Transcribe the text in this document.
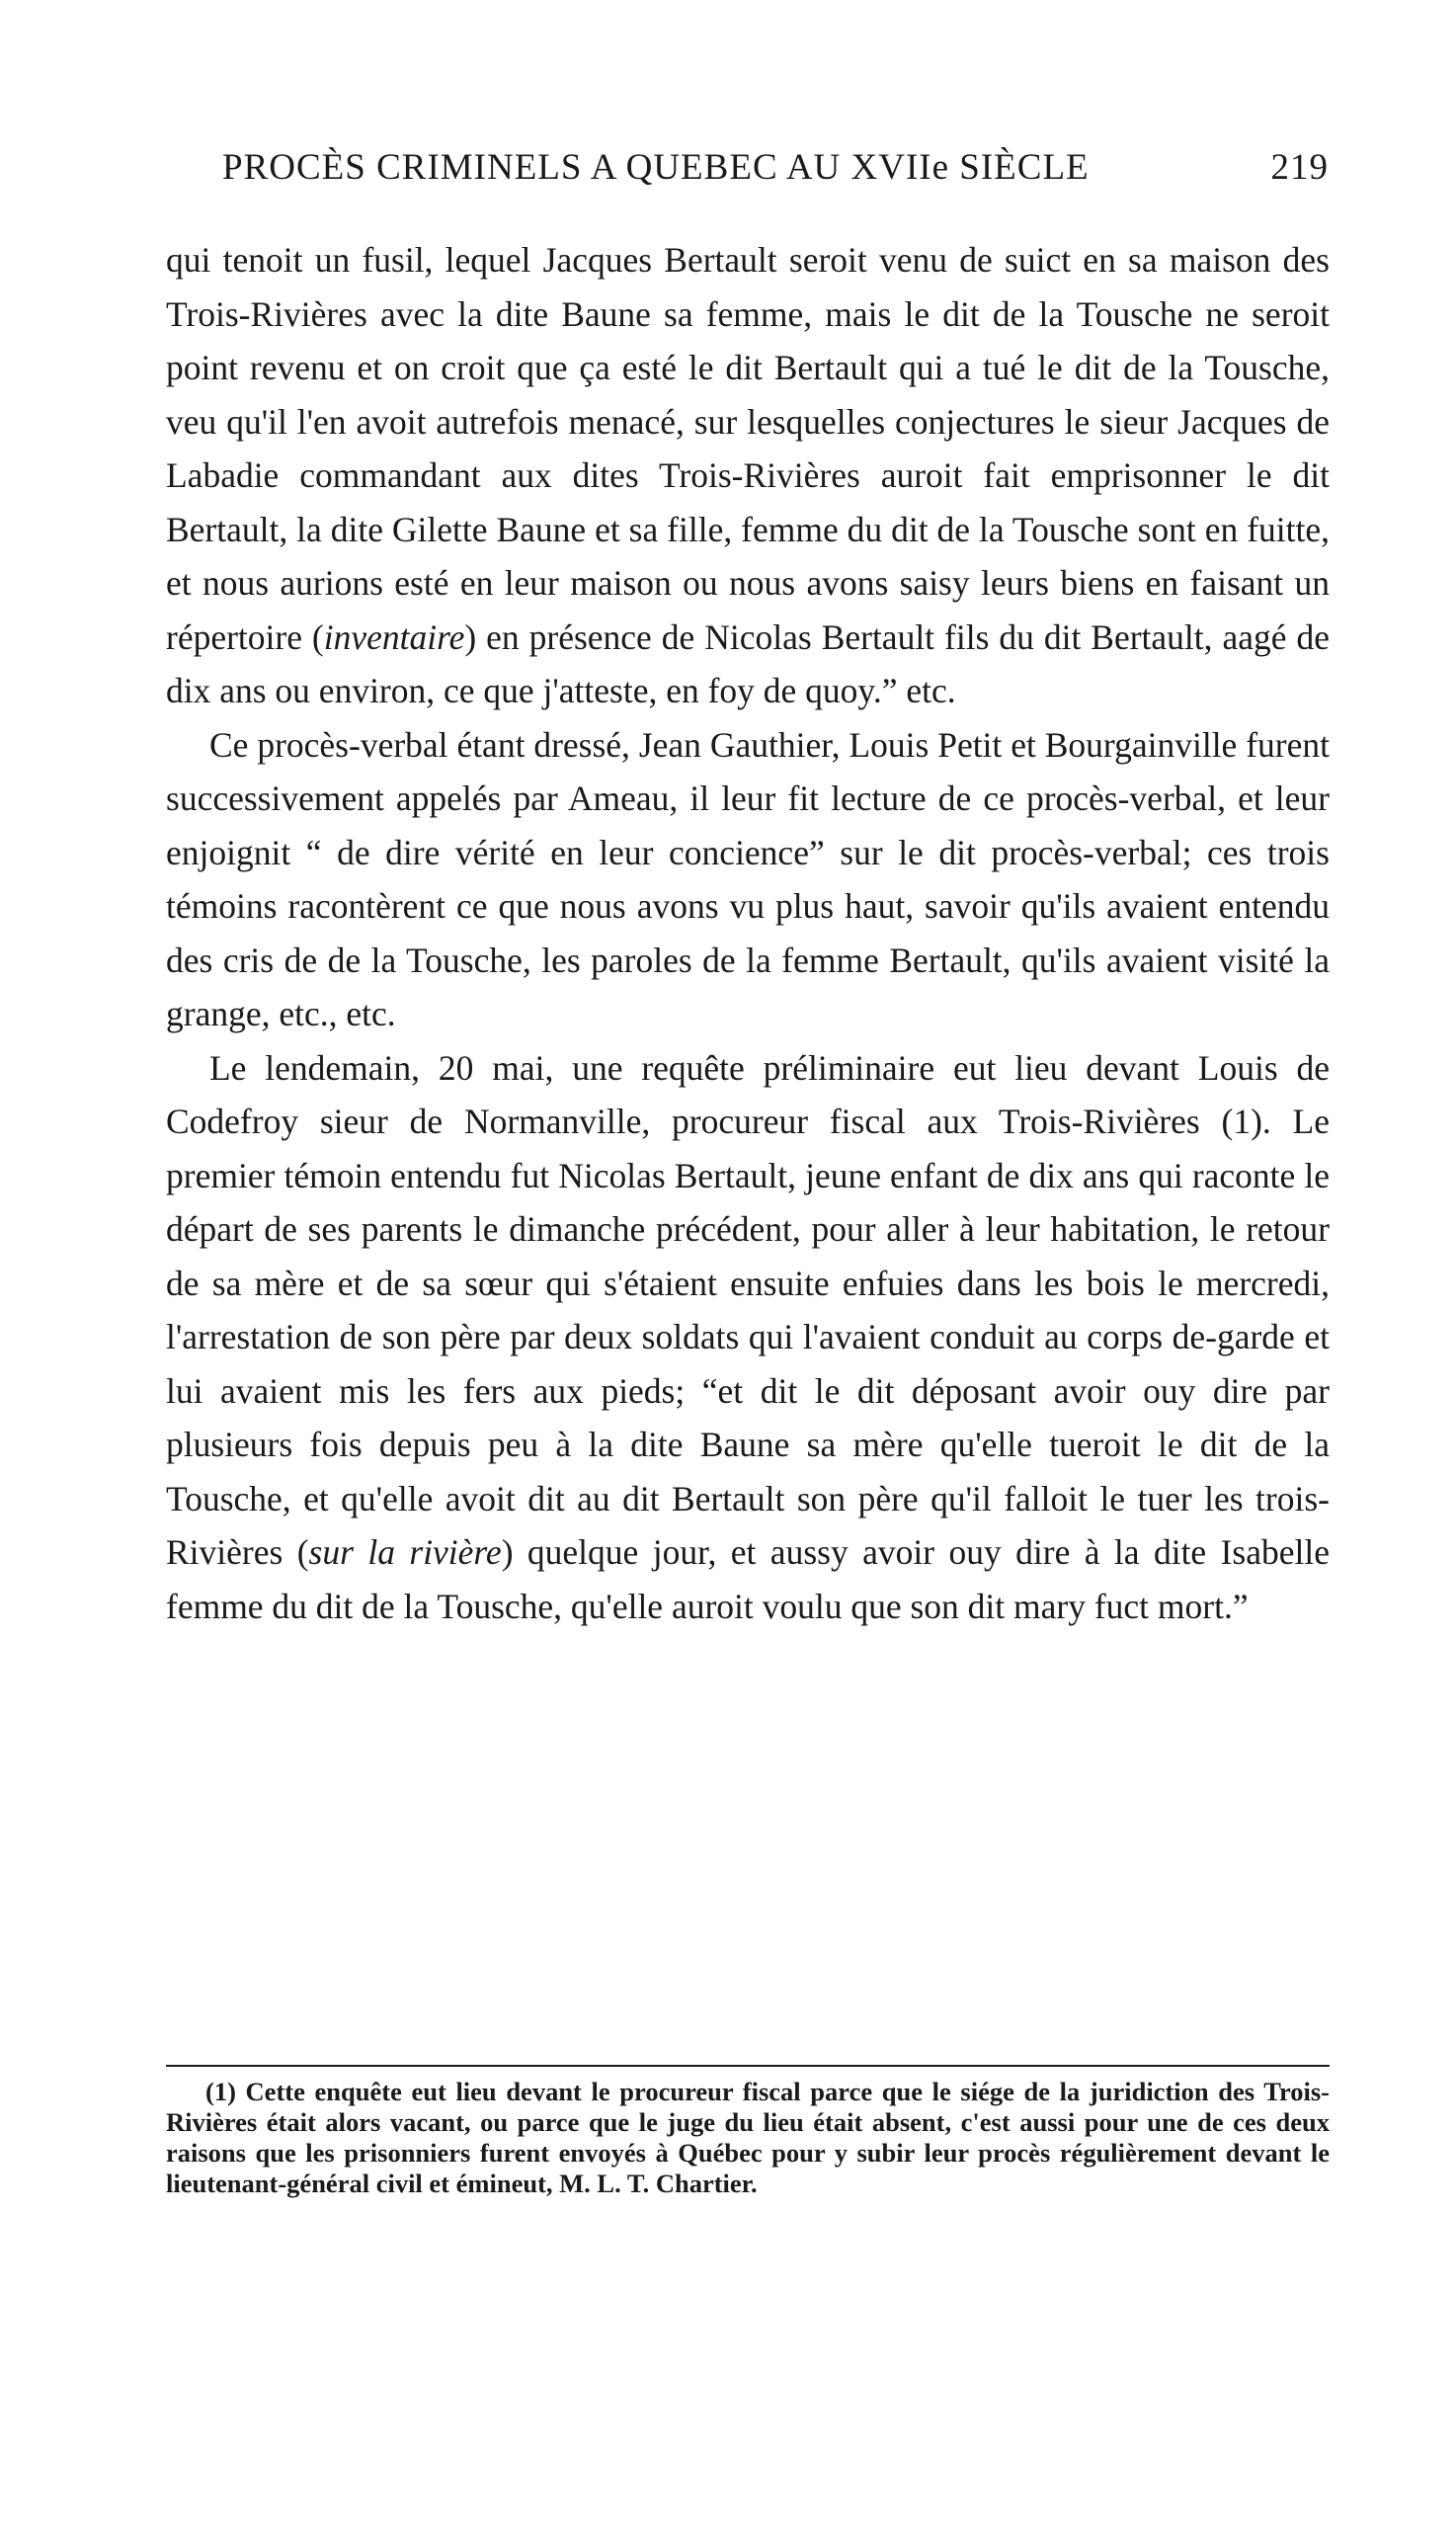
PROCÈS CRIMINELS A QUEBEC AU XVIIe SIÈCLE	219

qui tenoit un fusil, lequel Jacques Bertault seroit venu de suict en sa maison des Trois-Rivières avec la dite Baune sa femme, mais le dit de la Tousche ne seroit point revenu et on croit que ça esté le dit Bertault qui a tué le dit de la Tousche, veu qu'il l'en avoit autrefois menacé, sur lesquelles conjectures le sieur Jacques de Labadie commandant aux dites Trois-Rivières auroit fait emprisonner le dit Bertault, la dite Gilette Baune et sa fille, femme du dit de la Tousche sont en fuitte, et nous aurions esté en leur maison ou nous avons saisy leurs biens en faisant un répertoire (inventaire) en présence de Nicolas Bertault fils du dit Bertault, aagé de dix ans ou environ, ce que j'atteste, en foy de quoy.” etc.

Ce procès-verbal étant dressé, Jean Gauthier, Louis Petit et Bourgainville furent successivement appelés par Ameau, il leur fit lecture de ce procès-verbal, et leur enjoignit “ de dire vérité en leur concience” sur le dit procès-verbal; ces trois témoins racontèrent ce que nous avons vu plus haut, savoir qu'ils avaient entendu des cris de de la Tousche, les paroles de la femme Bertault, qu'ils avaient visité la grange, etc., etc.

Le lendemain, 20 mai, une requête préliminaire eut lieu devant Louis de Codefroy sieur de Normanville, procureur fiscal aux Trois-Rivières (1). Le premier témoin entendu fut Nicolas Bertault, jeune enfant de dix ans qui raconte le départ de ses parents le dimanche précédent, pour aller à leur habitation, le retour de sa mère et de sa sœur qui s'étaient ensuite enfuies dans les bois le mercredi, l'arrestation de son père par deux soldats qui l'avaient conduit au corps de-garde et lui avaient mis les fers aux pieds; “et dit le dit déposant avoir ouy dire par plusieurs fois depuis peu à la dite Baune sa mère qu'elle tueroit le dit de la Tousche, et qu'elle avoit dit au dit Bertault son père qu'il falloit le tuer les trois-Rivières (sur la rivière) quelque jour, et aussy avoir ouy dire à la dite Isabelle femme du dit de la Tousche, qu'elle auroit voulu que son dit mary fuct mort.”

(1) Cette enquête eut lieu devant le procureur fiscal parce que le siége de la juridiction des Trois-Rivières était alors vacant, ou parce que le juge du lieu était absent, c'est aussi pour une de ces deux raisons que les prisonniers furent envoyés à Québec pour y subir leur procès régulièrement devant le lieutenant-général civil et émineut, M. L. T. Chartier.
